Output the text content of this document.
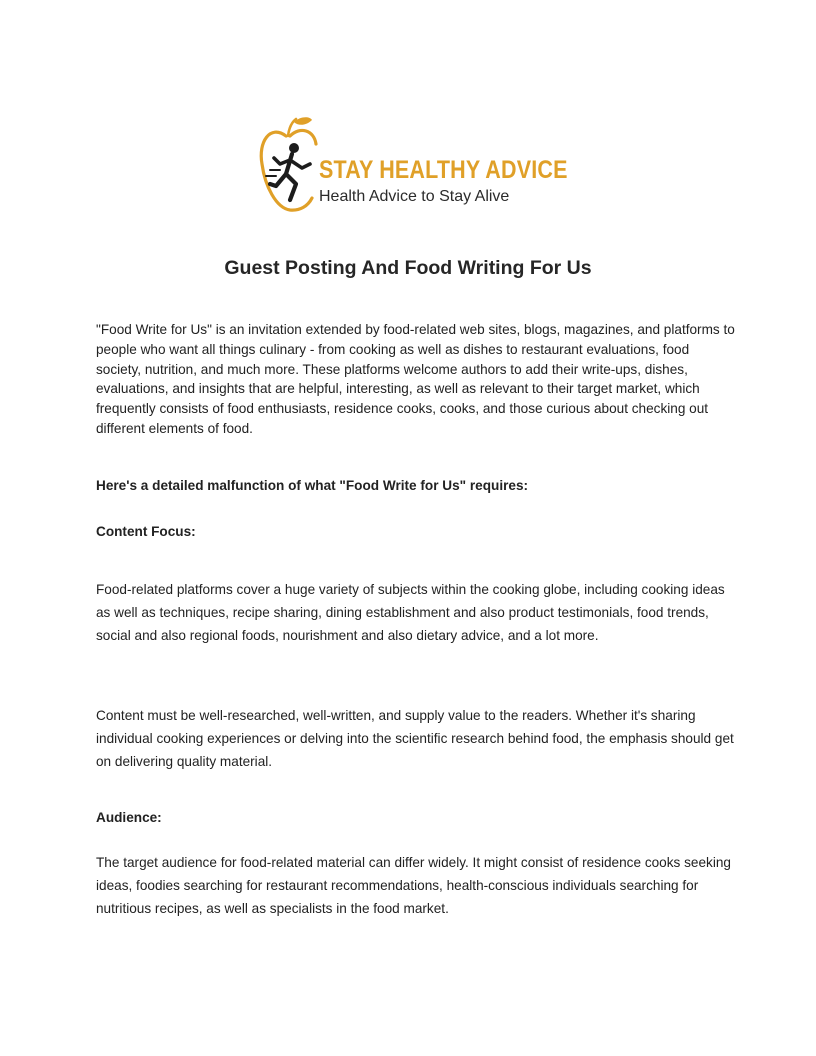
STAY HEALTHY ADVICE
Health Advice to Stay Alive
Guest Posting And Food Writing For Us

"Food Write for Us" is an invitation extended by food-related web sites, blogs, magazines, and platforms to people who want all things culinary - from cooking as well as dishes to restaurant evaluations, food society, nutrition, and much more. These platforms welcome authors to add their write-ups, dishes, evaluations, and insights that are helpful, interesting, as well as relevant to their target market, which frequently consists of food enthusiasts, residence cooks, cooks, and those curious about checking out different elements of food.

Here's a detailed malfunction of what "Food Write for Us" requires:

Content Focus:

Food-related platforms cover a huge variety of subjects within the cooking globe, including cooking ideas as well as techniques, recipe sharing, dining establishment and also product testimonials, food trends, social and also regional foods, nourishment and also dietary advice, and a lot more.

Content must be well-researched, well-written, and supply value to the readers. Whether it's sharing individual cooking experiences or delving into the scientific research behind food, the emphasis should get on delivering quality material.

Audience:

The target audience for food-related material can differ widely. It might consist of residence cooks seeking ideas, foodies searching for restaurant recommendations, health-conscious individuals searching for nutritious recipes, as well as specialists in the food market.
